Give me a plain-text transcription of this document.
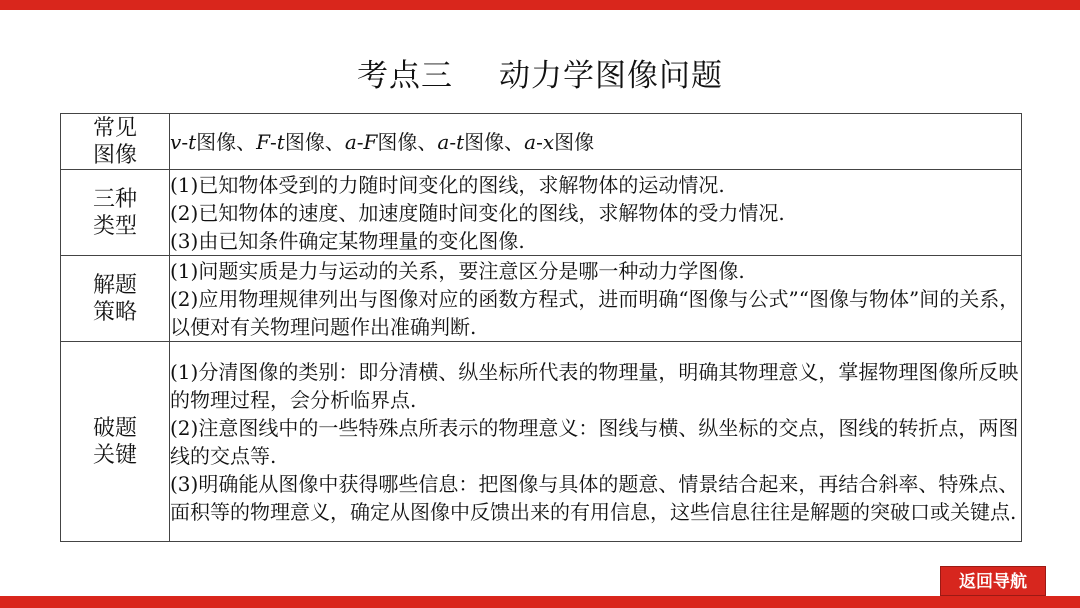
考点三 动力学图像问题
常见
图像	v-t图像、F-t图像、a-F图像、a-t图像、a-x图像

三种
类型	(1)已知物体受到的力随时间变化的图线，求解物体的运动情况.
(2)已知物体的速度、加速度随时间变化的图线，求解物体的受力情况.
(3)由已知条件确定某物理量的变化图像.

解题
策略	(1)问题实质是力与运动的关系，要注意区分是哪一种动力学图像.
(2)应用物理规律列出与图像对应的函数方程式，进而明确“图像与公式”“图像与物体”间的关系，以便对有关物理问题作出准确判断.

破题
关键	(1)分清图像的类别：即分清横、纵坐标所代表的物理量，明确其物理意义，掌握物理图像所反映的物理过程，会分析临界点.
(2)注意图线中的一些特殊点所表示的物理意义：图线与横、纵坐标的交点，图线的转折点，两图线的交点等.
(3)明确能从图像中获得哪些信息：把图像与具体的题意、情景结合起来，再结合斜率、特殊点、面积等的物理意义，确定从图像中反馈出来的有用信息，这些信息往往是解题的突破口或关键点.
返回导航
